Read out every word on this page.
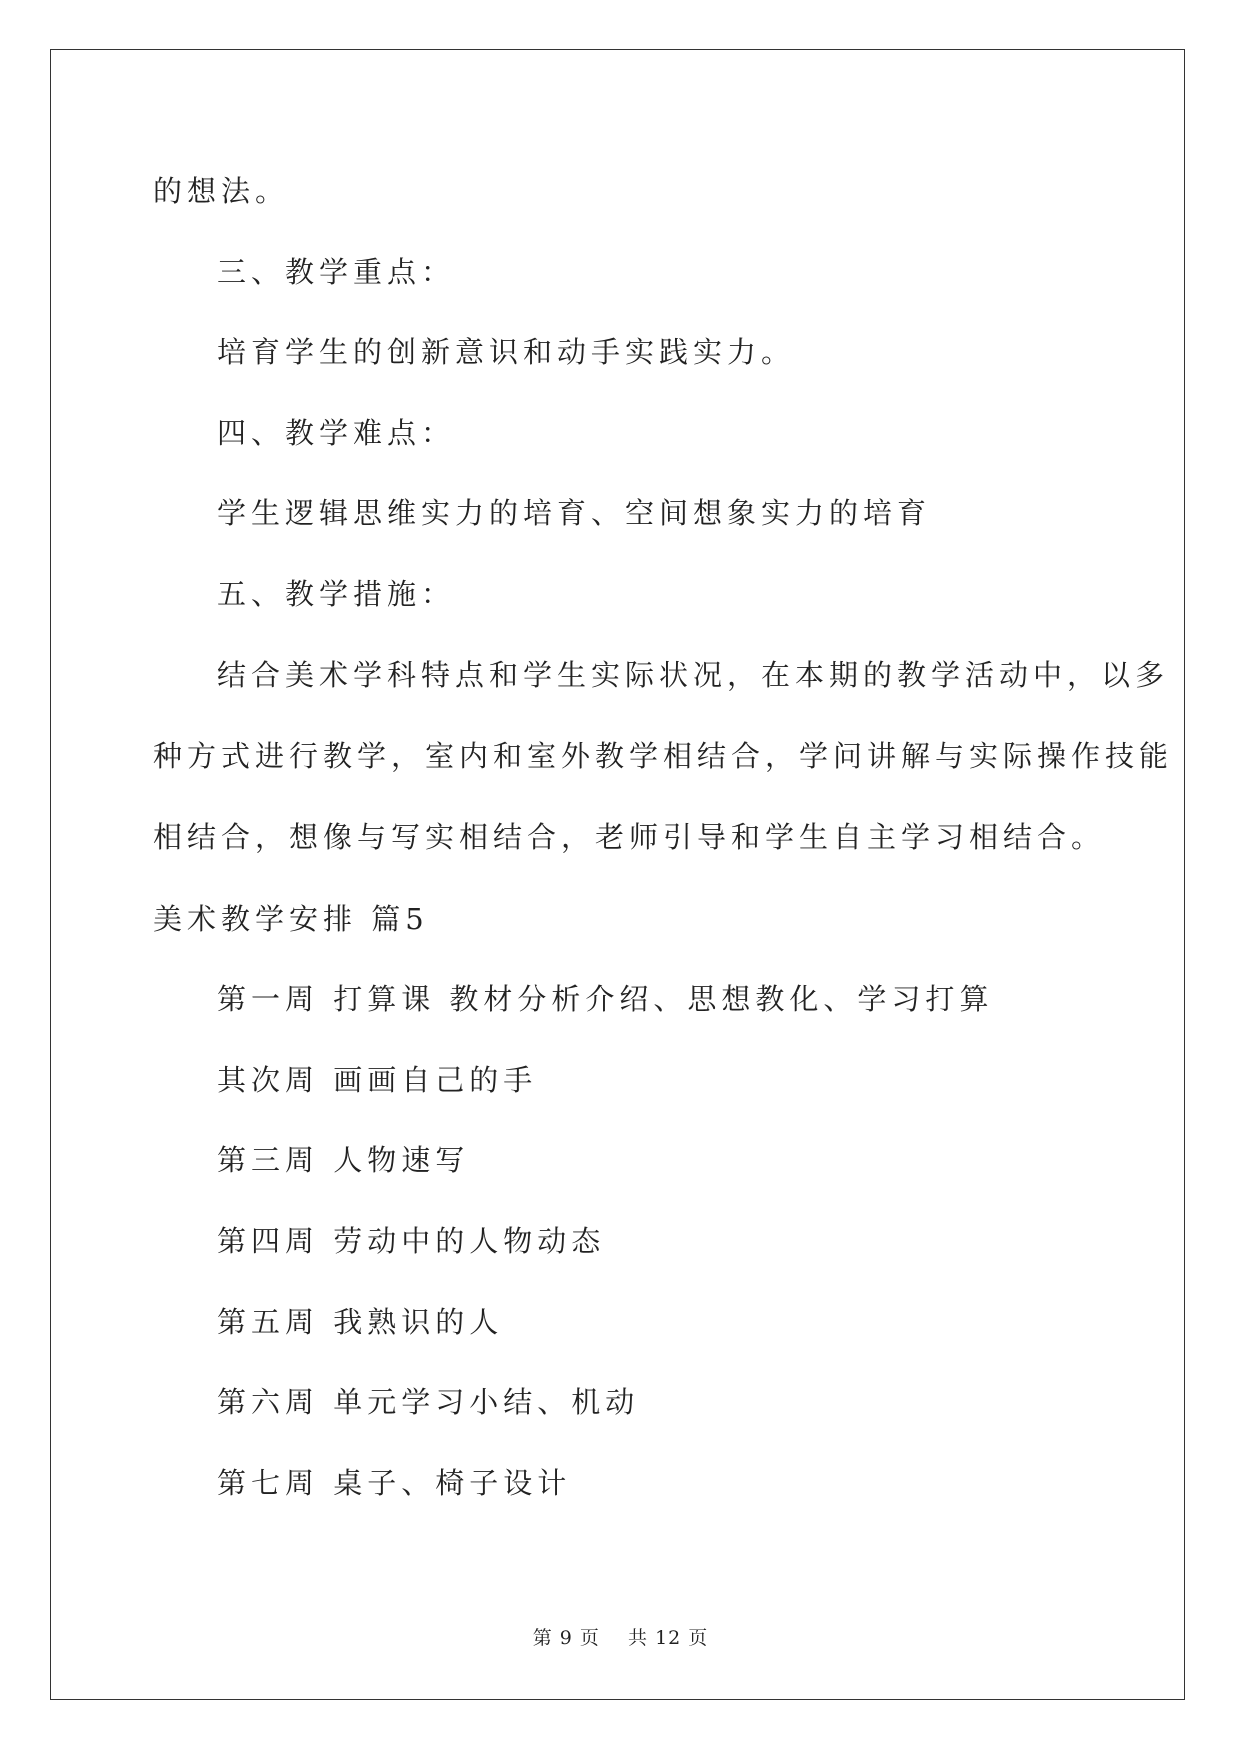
的想法。
三、教学重点：
培育学生的创新意识和动手实践实力。
四、教学难点：
学生逻辑思维实力的培育、空间想象实力的培育
五、教学措施：
结合美术学科特点和学生实际状况，在本期的教学活动中，以多
种方式进行教学，室内和室外教学相结合，学问讲解与实际操作技能
相结合，想像与写实相结合，老师引导和学生自主学习相结合。
美术教学安排 篇5
第一周 打算课 教材分析介绍、思想教化、学习打算
其次周 画画自己的手
第三周 人物速写
第四周 劳动中的人物动态
第五周 我熟识的人
第六周 单元学习小结、机动
第七周 桌子、椅子设计
第 9 页    共 12 页
